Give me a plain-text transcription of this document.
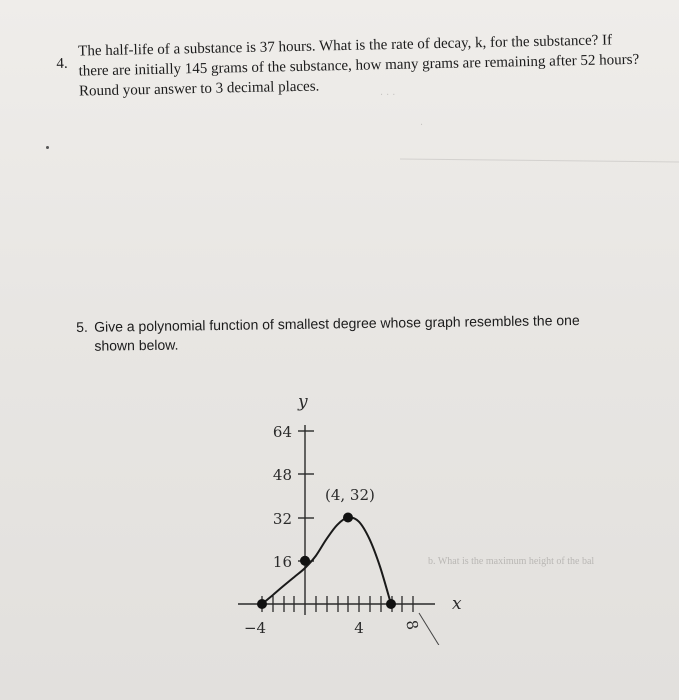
. . .
.
4.
The half-life of a substance is 37 hours. What is the rate of decay, k, for the substance? If
there are initially 145 grams of the substance, how many grams are remaining after 52 hours?
Round your answer to 3 decimal places.
5. Give a polynomial function of smallest degree whose graph resembles the one
shown below.
y
x
64
48
32
16
−4	4	8
(4, 32)
b. What is the maximum height of the bal
